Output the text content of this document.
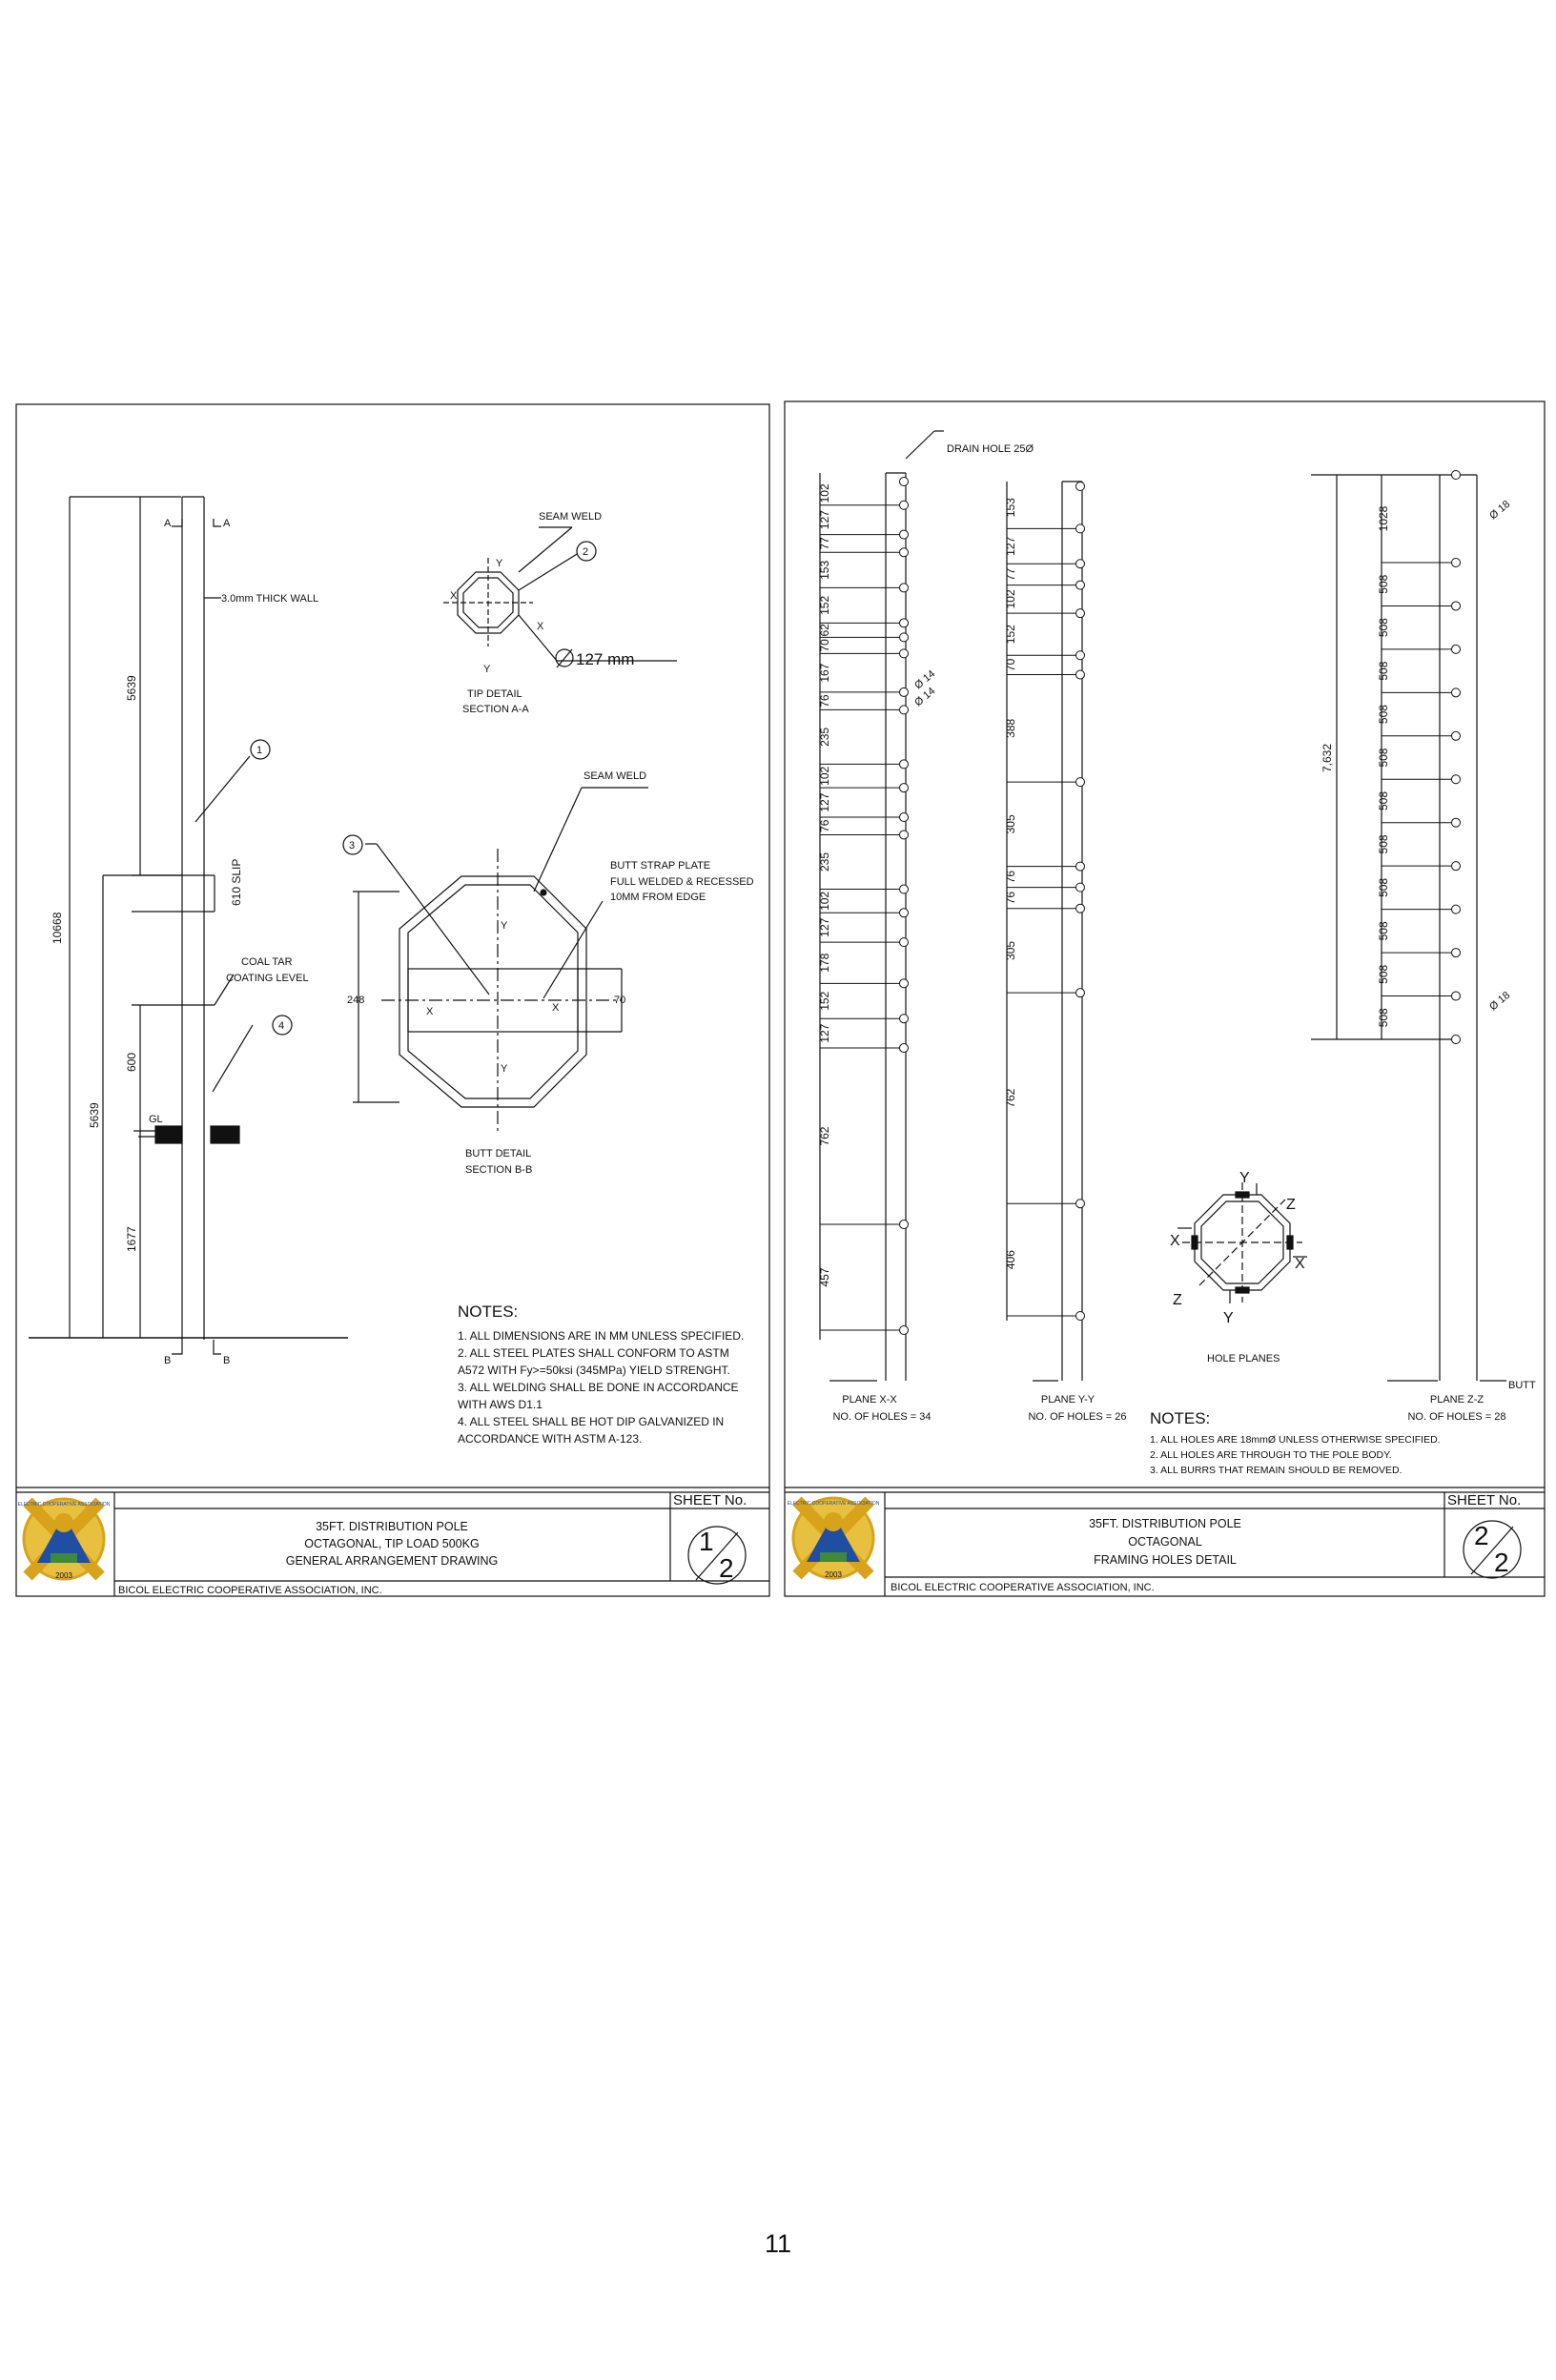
A	A
B	B
3.0mm THICK WALL
SEAM WELD
127 mm
TIP DETAIL
SECTION A-A
SEAM WELD
BUTT STRAP PLATE
FULL WELDED & RECESSED
10MM FROM EDGE
COAL TAR
COATING LEVEL
GL
BUTT DETAIL
SECTION B-B
X
X
Y
Y
X	X
Y
Y
248	70
610 SLIP
1
2
3
4
10668
5639
5639
600
1677
NOTES:
1. ALL DIMENSIONS ARE IN MM UNLESS SPECIFIED.
2. ALL STEEL PLATES SHALL CONFORM TO ASTM
A572 WITH Fy>=50ksi (345MPa) YIELD STRENGHT.
3. ALL WELDING SHALL BE DONE IN ACCORDANCE
WITH AWS D1.1
4. ALL STEEL SHALL BE HOT DIP GALVANIZED IN
ACCORDANCE WITH ASTM A-123.
35FT. DISTRIBUTION POLE
OCTAGONAL, TIP LOAD 500KG
GENERAL ARRANGEMENT DRAWING
BICOL ELECTRIC COOPERATIVE ASSOCIATION, INC.
SHEET No.
1
2
DRAIN HOLE 25Ø
Ø 14
Ø 14
Ø 18
Ø 18
BUTT
HOLE PLANES
Y
Y
X
X
Z
Z
PLANE X-X
NO. OF HOLES = 34
PLANE Y-Y
NO. OF HOLES = 26
PLANE Z-Z
NO. OF HOLES = 28
7,632
NOTES:
1. ALL HOLES ARE 18mmØ UNLESS OTHERWISE SPECIFIED.
2. ALL HOLES ARE THROUGH TO THE POLE BODY.
3. ALL BURRS THAT REMAIN SHOULD BE REMOVED.
35FT. DISTRIBUTION POLE
OCTAGONAL
FRAMING HOLES DETAIL
BICOL ELECTRIC COOPERATIVE ASSOCIATION, INC.
SHEET No.
2
2
102
127
77
153
152
62
70
167
76
235
102
127
76
235
102
127
178
152
127
762
457
153
127
77
102
152
70
388
305
76
76
305
762
406
1028
508
508
508
508
508
508
508
508
508
508
508
2003
ELECTRIC COOPERATIVE ASSOCIATION
2003
ELECTRIC COOPERATIVE ASSOCIATION
11
